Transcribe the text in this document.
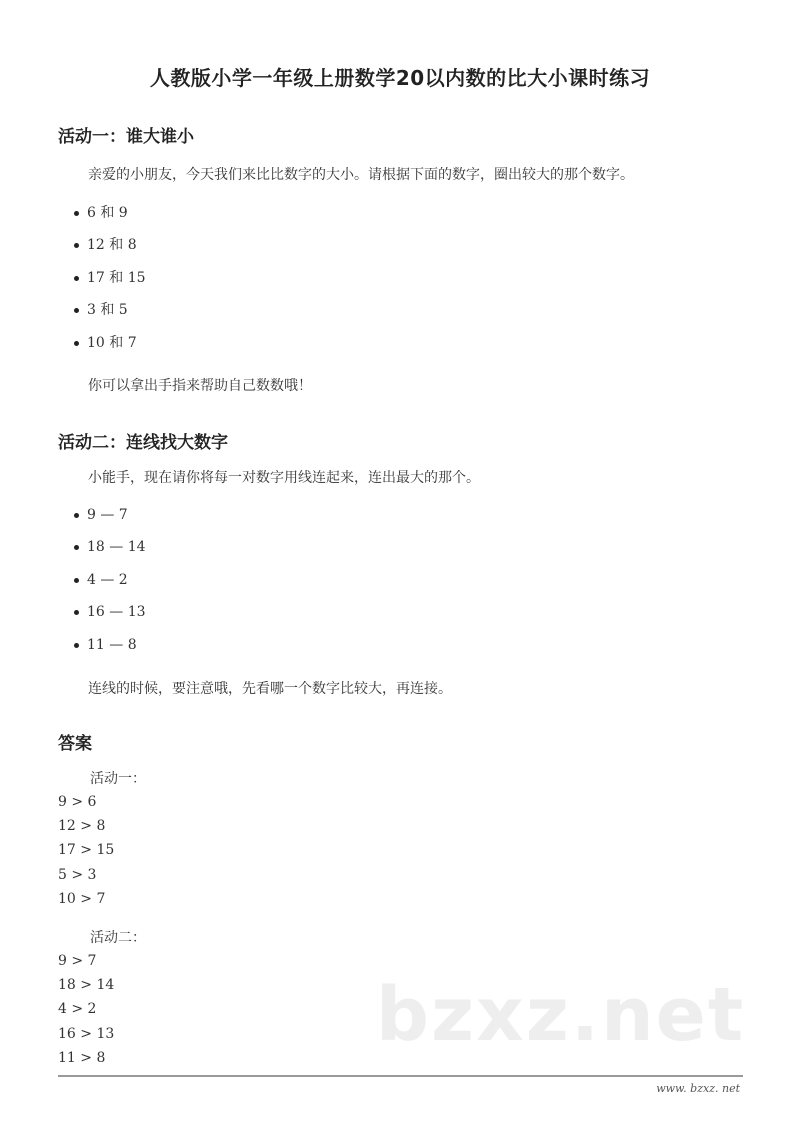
人教版小学一年级上册数学20以内数的比大小课时练习
活动一：谁大谁小
亲爱的小朋友，今天我们来比比数字的大小。请根据下面的数字，圈出较大的那个数字。
6 和 9
12 和 8
17 和 15
3 和 5
10 和 7
你可以拿出手指来帮助自己数数哦！
活动二：连线找大数字
小能手，现在请你将每一对数字用线连起来，连出最大的那个。
9 — 7
18 — 14
4 — 2
16 — 13
11 — 8
连线的时候，要注意哦，先看哪一个数字比较大，再连接。
答案
活动一：
9 > 6
12 > 8
17 > 15
5 > 3
10 > 7
活动二：
9 > 7
18 > 14
4 > 2
16 > 13
11 > 8	bzxz.net
www. bzxz. net
